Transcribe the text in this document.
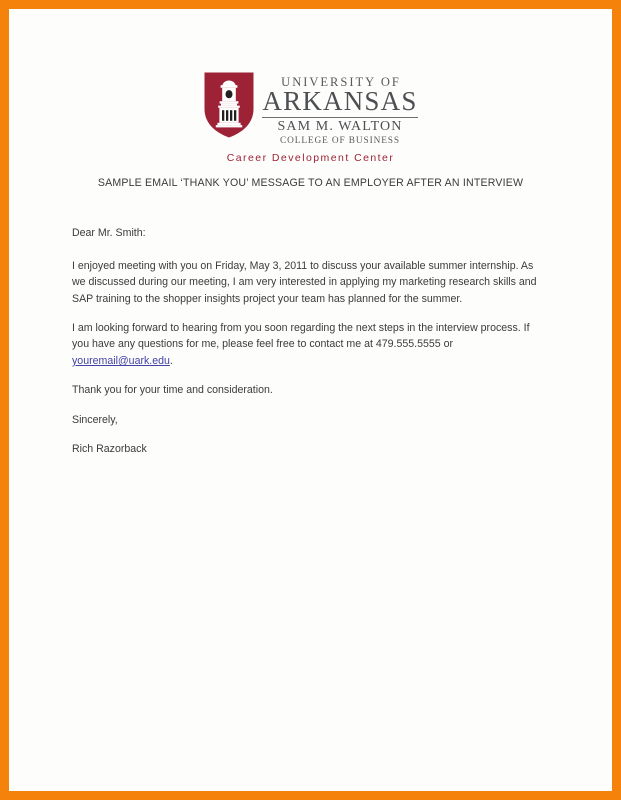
UNIVERSITY OF
ARKANSAS
SAM M. WALTON
COLLEGE OF BUSINESS
Career Development Center
SAMPLE EMAIL ‘THANK YOU’ MESSAGE TO AN EMPLOYER AFTER AN INTERVIEW

Dear Mr. Smith:

I enjoyed meeting with you on Friday, May 3, 2011 to discuss your available summer internship. As we discussed during our meeting, I am very interested in applying my marketing research skills and SAP training to the shopper insights project your team has planned for the summer.

I am looking forward to hearing from you soon regarding the next steps in the interview process. If you have any questions for me, please feel free to contact me at 479.555.5555 or youremail@uark.edu.

Thank you for your time and consideration.

Sincerely,

Rich Razorback
